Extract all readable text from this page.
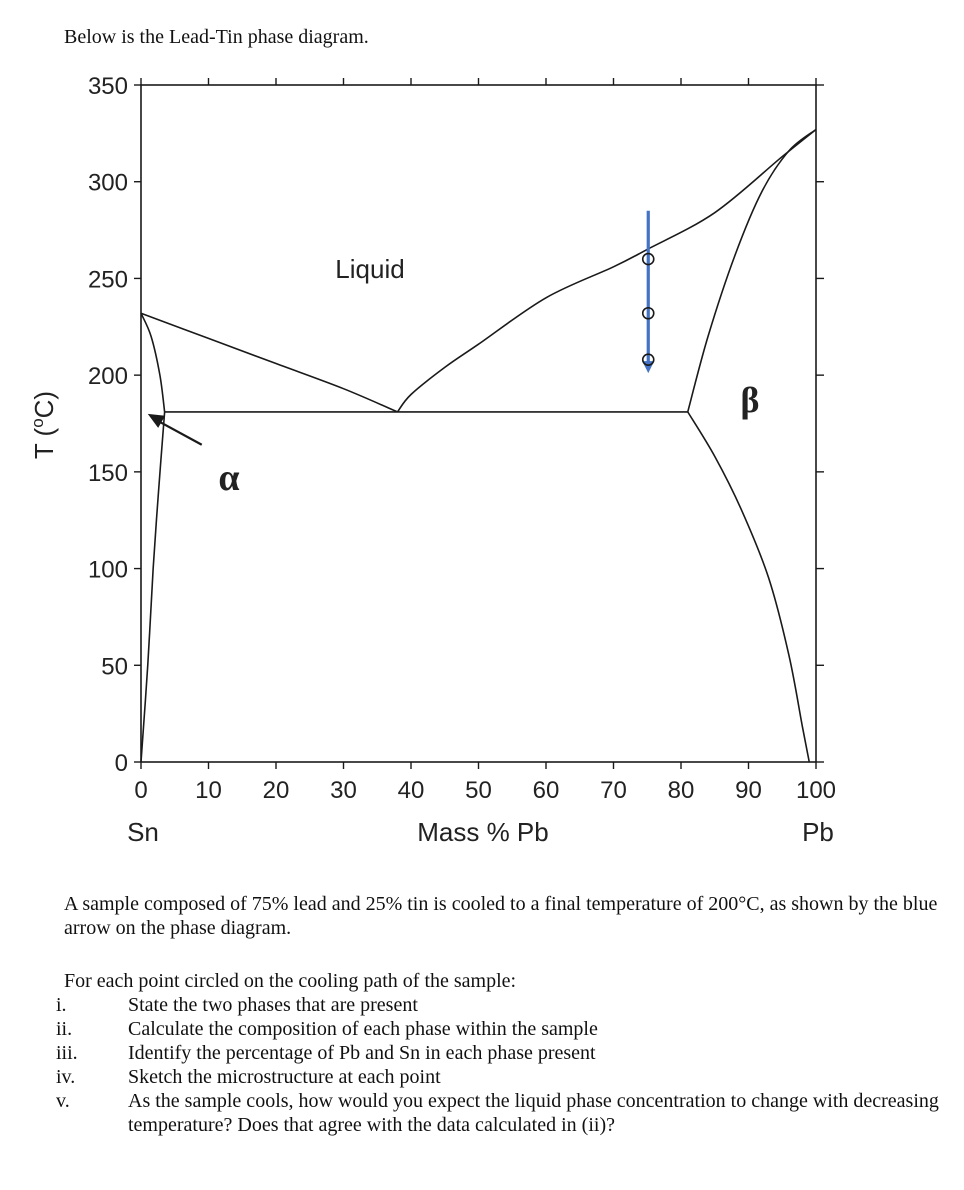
Below is the Lead-Tin phase diagram.
0 10 20 30 40 50 60 70 80 90 100
0
50
100
150
200
250
300
350
Sn	Mass % Pb	Pb
T ($^o$C)
Liquid
α
β

A sample composed of 75% lead and 25% tin is cooled to a final temperature of 200°C, as shown by the blue arrow on the phase diagram.

For each point circled on the cooling path of the sample:

i.	State the two phases that are present
ii.	Calculate the composition of each phase within the sample
iii.	Identify the percentage of Pb and Sn in each phase present
iv.	Sketch the microstructure at each point
v.	As the sample cools, how would you expect the liquid phase concentration to change with decreasing temperature? Does that agree with the data calculated in (ii)?
